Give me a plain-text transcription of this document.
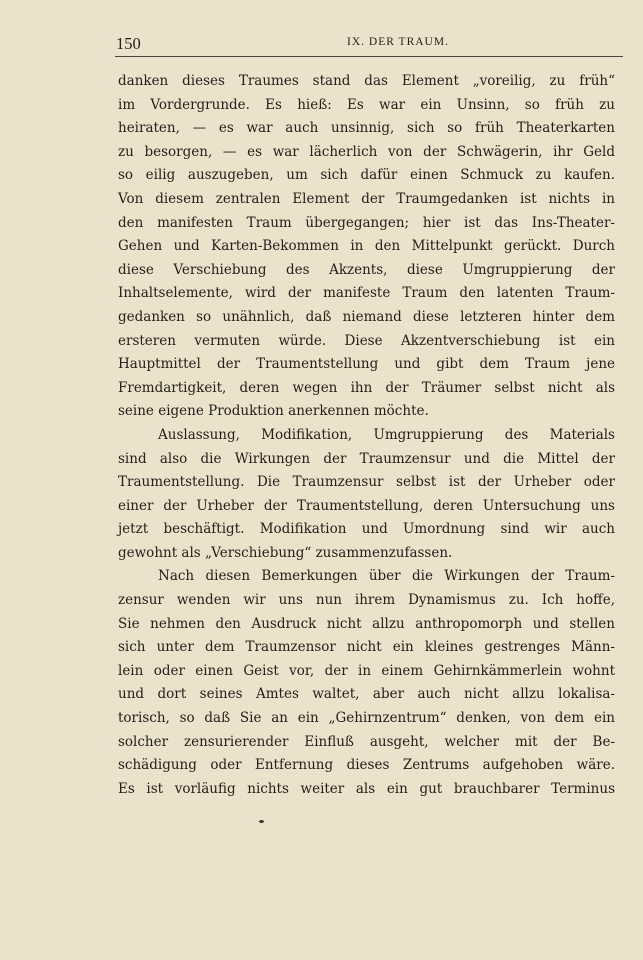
150	IX. DER TRAUM.
danken dieses Traumes stand das Element „voreilig, zu früh“
im Vordergrunde. Es hieß: Es war ein Unsinn, so früh zu
heiraten, — es war auch unsinnig, sich so früh Theaterkarten
zu besorgen, — es war lächerlich von der Schwägerin, ihr Geld
so eilig auszugeben, um sich dafür einen Schmuck zu kaufen.
Von diesem zentralen Element der Traumgedanken ist nichts in
den manifesten Traum übergegangen; hier ist das Ins-Theater-
Gehen und Karten-Bekommen in den Mittelpunkt gerückt. Durch
diese Verschiebung des Akzents, diese Umgruppierung der
Inhaltselemente, wird der manifeste Traum den latenten Traum-
gedanken so unähnlich, daß niemand diese letzteren hinter dem
ersteren vermuten würde. Diese Akzentverschiebung ist ein
Hauptmittel der Traumentstellung und gibt dem Traum jene
Fremdartigkeit, deren wegen ihn der Träumer selbst nicht als
seine eigene Produktion anerkennen möchte.
Auslassung, Modifikation, Umgruppierung des Materials
sind also die Wirkungen der Traumzensur und die Mittel der
Traumentstellung. Die Traumzensur selbst ist der Urheber oder
einer der Urheber der Traumentstellung, deren Untersuchung uns
jetzt beschäftigt. Modifikation und Umordnung sind wir auch
gewohnt als „Verschiebung“ zusammenzufassen.
Nach diesen Bemerkungen über die Wirkungen der Traum-
zensur wenden wir uns nun ihrem Dynamismus zu. Ich hoffe,
Sie nehmen den Ausdruck nicht allzu anthropomorph und stellen
sich unter dem Traumzensor nicht ein kleines gestrenges Männ-
lein oder einen Geist vor, der in einem Gehirnkämmerlein wohnt
und dort seines Amtes waltet, aber auch nicht allzu lokalisa-
torisch, so daß Sie an ein „Gehirnzentrum“ denken, von dem ein
solcher zensurierender Einfluß ausgeht, welcher mit der Be-
schädigung oder Entfernung dieses Zentrums aufgehoben wäre.
Es ist vorläufig nichts weiter als ein gut brauchbarer Terminus
